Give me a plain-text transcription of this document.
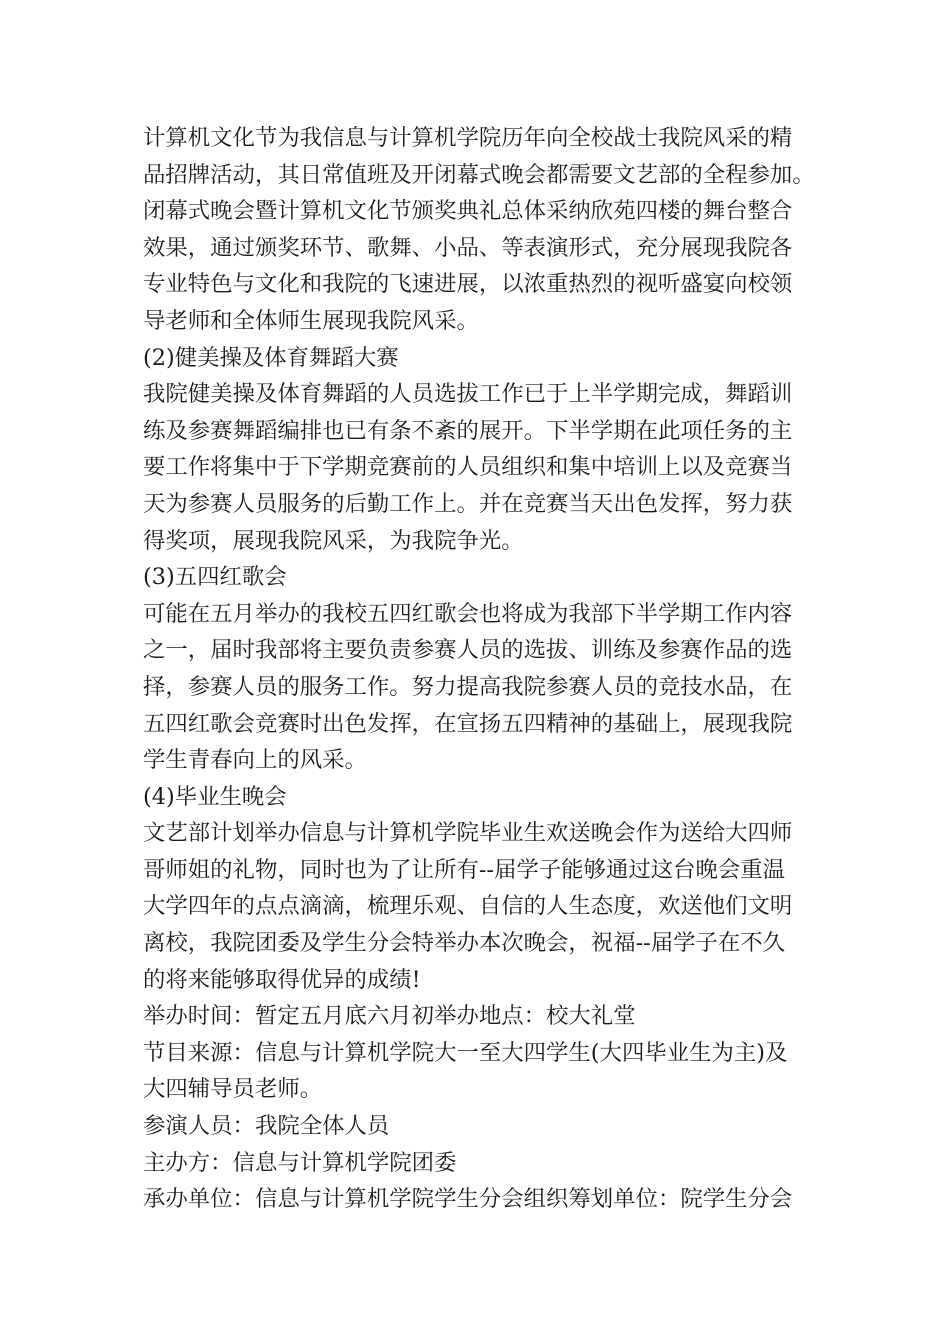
计算机文化节为我信息与计算机学院历年向全校战士我院风采的精
品招牌活动，其日常值班及开闭幕式晚会都需要文艺部的全程参加。
闭幕式晚会暨计算机文化节颁奖典礼总体采纳欣苑四楼的舞台整合
效果，通过颁奖环节、歌舞、小品、等表演形式，充分展现我院各
专业特色与文化和我院的飞速进展，以浓重热烈的视听盛宴向校领
导老师和全体师生展现我院风采。
(2)健美操及体育舞蹈大赛
我院健美操及体育舞蹈的人员选拔工作已于上半学期完成，舞蹈训
练及参赛舞蹈编排也已有条不紊的展开。下半学期在此项任务的主
要工作将集中于下学期竞赛前的人员组织和集中培训上以及竞赛当
天为参赛人员服务的后勤工作上。并在竞赛当天出色发挥，努力获
得奖项，展现我院风采，为我院争光。
(3)五四红歌会
可能在五月举办的我校五四红歌会也将成为我部下半学期工作内容
之一，届时我部将主要负责参赛人员的选拔、训练及参赛作品的选
择，参赛人员的服务工作。努力提高我院参赛人员的竞技水品，在
五四红歌会竞赛时出色发挥，在宣扬五四精神的基础上，展现我院
学生青春向上的风采。
(4)毕业生晚会
文艺部计划举办信息与计算机学院毕业生欢送晚会作为送给大四师
哥师姐的礼物，同时也为了让所有--届学子能够通过这台晚会重温
大学四年的点点滴滴，梳理乐观、自信的人生态度，欢送他们文明
离校，我院团委及学生分会特举办本次晚会，祝福--届学子在不久
的将来能够取得优异的成绩!
举办时间：暂定五月底六月初举办地点：校大礼堂
节目来源：信息与计算机学院大一至大四学生(大四毕业生为主)及
大四辅导员老师。
参演人员：我院全体人员
主办方：信息与计算机学院团委
承办单位：信息与计算机学院学生分会组织筹划单位：院学生分会
